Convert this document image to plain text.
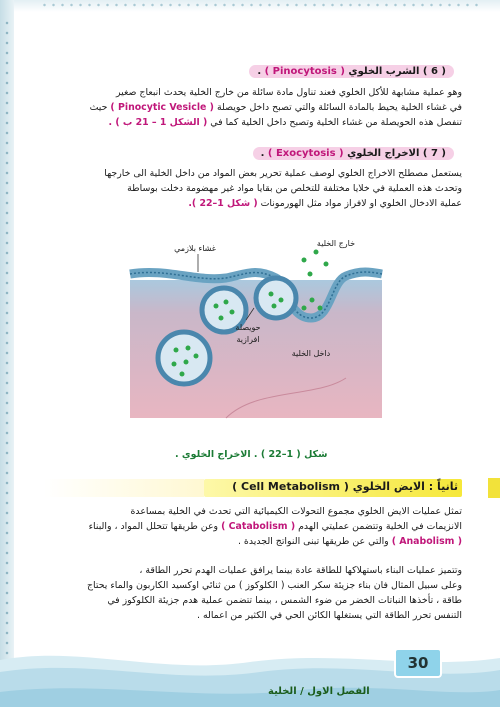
( 6 ) الشرب الخلوي ( Pinocytosis ) .
وهو عملية مشابهة للأكل الخلوي فعند تناول مادة سائلة من خارج الخلية يحدث انبعاج صغير
في غشاء الخلية يحيط بالمادة السائلة والتي تصبح داخل حويصلة ( Pinocytic Vesicle ) حيث
تنفصل هذه الحويصلة من غشاء الخلية وتصبح داخل الخلية كما في ( الشكل 1 – 21 ب ) .
( 7 ) الاخراج الخلوي ( Exocytosis ) .
يستعمل مصطلح الاخراج الخلوي لوصف عملية تحرير بعض المواد من داخل الخلية الى خارجها
وتحدث هذه العملية في خلايا مختلفة للتخلص من بقايا مواد غير مهضومة دخلت بوساطة
عملية الادخال الخلوي او لافراز مواد مثل الهورمونات ( شكل 1–22 ).
غشاء بلازمي
خارج الخلية
حويصلة
افرازية
داخل الخلية
شكل ( 1–22 ) . الاخراج الخلوي .
ثانياً : الايض الخلوي ( Cell Metabolism )
تمثل عمليات الايض الخلوي مجموع التحولات الكيميائية التي تحدث في الخلية بمساعدة
الانزيمات في الخلية وتتضمن عمليتي الهدم ( Catabolism ) وعن طريقها تتحلل المواد ، والبناء
( Anabolism ) والتي عن طريقها تبنى النواتج الجديدة .
وتتميز عمليات البناء باستهلاكها للطاقة عادة بينما يرافق عمليات الهدم تحرر الطاقة ،
وعلى سبيل المثال فان بناء جزيئة سكر العنب ( الكلوكوز ) من ثنائي اوكسيد الكاربون والماء يحتاج
طاقة ، تأخذها النباتات الخضر من ضوء الشمس ، بينما تتضمن عملية هدم جزيئة الكلوكوز في
التنفس تحرر الطاقة التي يستغلها الكائن الحي في الكثير من اعماله .
30
الفصل الاول / الخلية
